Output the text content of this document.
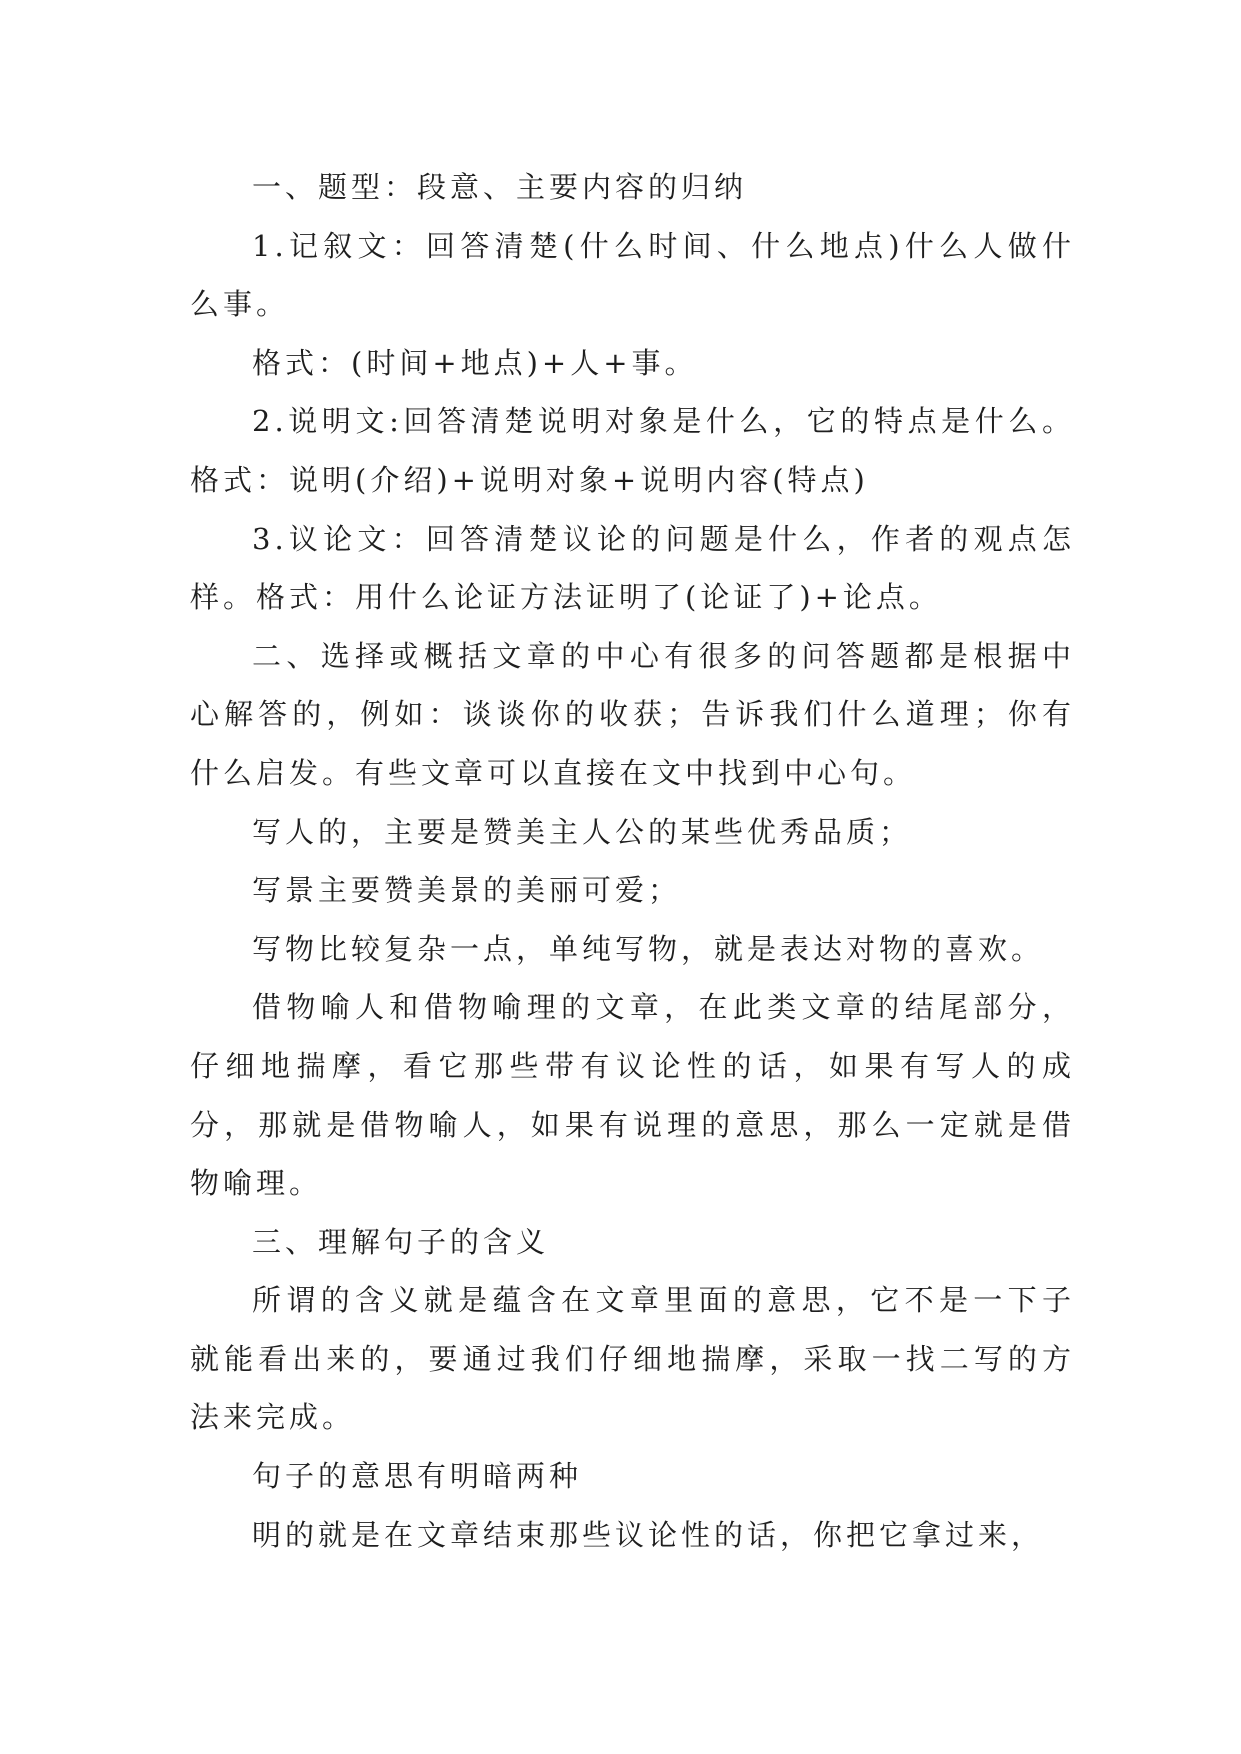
一、题型：段意、主要内容的归纳

1.记叙文：回答清楚(什么时间、什么地点)什么人做什么事。

格式：(时间+地点)+人+事。

2.说明文:回答清楚说明对象是什么，它的特点是什么。格式：说明(介绍)+说明对象+说明内容(特点)

3.议论文：回答清楚议论的问题是什么，作者的观点怎样。格式：用什么论证方法证明了(论证了)+论点。

二、选择或概括文章的中心有很多的问答题都是根据中心解答的，例如：谈谈你的收获；告诉我们什么道理；你有什么启发。有些文章可以直接在文中找到中心句。

写人的，主要是赞美主人公的某些优秀品质；

写景主要赞美景的美丽可爱；

写物比较复杂一点，单纯写物，就是表达对物的喜欢。

借物喻人和借物喻理的文章，在此类文章的结尾部分，仔细地揣摩，看它那些带有议论性的话，如果有写人的成分，那就是借物喻人，如果有说理的意思，那么一定就是借物喻理。

三、理解句子的含义

所谓的含义就是蕴含在文章里面的意思，它不是一下子就能看出来的，要通过我们仔细地揣摩，采取一找二写的方法来完成。

句子的意思有明暗两种

明的就是在文章结束那些议论性的话，你把它拿过来，
